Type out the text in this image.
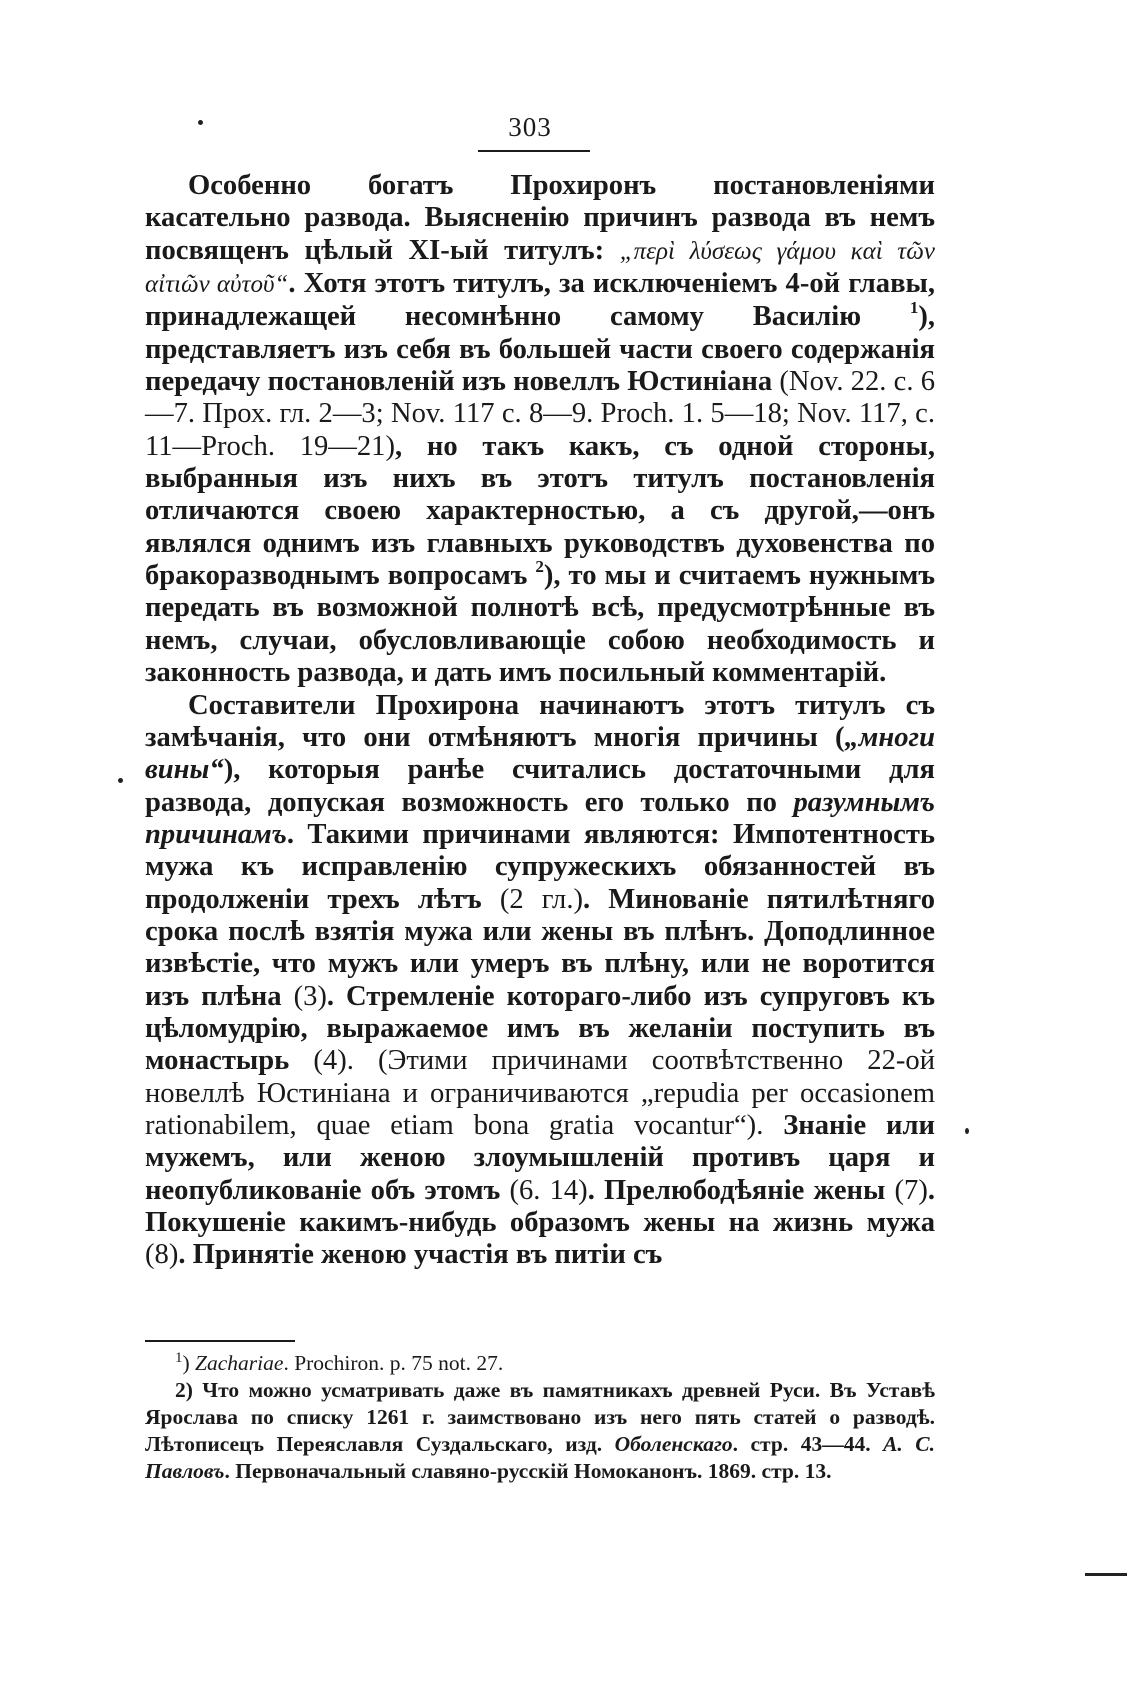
303

Особенно богатъ Прохиронъ постановленіями касательно развода. Выясненію причинъ развода въ немъ посвященъ цѣлый XI-ый титулъ: „περὶ λύσεως γάμου καὶ τῶν αἰτιῶν αὐτοῦ“. Хотя этотъ титулъ, за исключеніемъ 4-ой главы, принадлежащей несомнѣнно самому Василію $^1$), представляетъ изъ себя въ большей части своего содержанія передачу постановленій изъ новеллъ Юстиніана (Nov. 22. c. 6—7. Прох. гл. 2—3; Nov. 117 c. 8—9. Proch. 1. 5—18; Nov. 117, c. 11—Proch. 19—21), но такъ какъ, съ одной стороны, выбранныя изъ нихъ въ этотъ титулъ постановленія отличаются своею характерностью, а съ другой,—онъ являлся однимъ изъ главныхъ руководствъ духовенства по бракоразводнымъ вопросамъ $^2$), то мы и считаемъ нужнымъ передать въ возможной полнотѣ всѣ, предусмотрѣнные въ немъ, случаи, обусловливающіе собою необходимость и законность развода, и дать имъ посильный комментарій.

Составители Прохирона начинаютъ этотъ титулъ съ замѣчанія, что они отмѣняютъ многія причины („многи вины“), которыя ранѣе считались достаточными для развода, допуская возможность его только по разумнымъ причинамъ. Такими причинами являются: Импотентность мужа къ исправленію супружескихъ обязанностей въ продолженіи трехъ лѣтъ (2 гл.). Минованіе пятилѣтняго срока послѣ взятія мужа или жены въ плѣнъ. Доподлинное извѣстіе, что мужъ или умеръ въ плѣну, или не воротится изъ плѣна (3). Стремленіе котораго-либо изъ супруговъ къ цѣломудрію, выражаемое имъ въ желаніи поступить въ монастырь (4). (Этими причинами соотвѣтственно 22-ой новеллѣ Юстиніана и ограничиваются „repudia per occasionem rationabilem, quae etiam bona gratia vocantur“). Знаніе или мужемъ, или женою злоумышленій противъ царя и неопубликованіе объ этомъ (6. 14). Прелюбодѣяніе жены (7). Покушеніе какимъ-нибудь образомъ жены на жизнь мужа (8). Принятіе женою участія въ питіи съ

$^1$) Zachariae. Prochiron. p. 75 not. 27.

2) Что можно усматривать даже въ памятникахъ древней Руси. Въ Уставѣ Ярослава по списку 1261 г. заимствовано изъ него пять статей о разводѣ. Лѣтописецъ Переяславля Суздальскаго, изд. Оболенскаго. стр. 43—44. А. С. Павловъ. Первоначальный славяно-русскій Номоканонъ. 1869. стр. 13.
